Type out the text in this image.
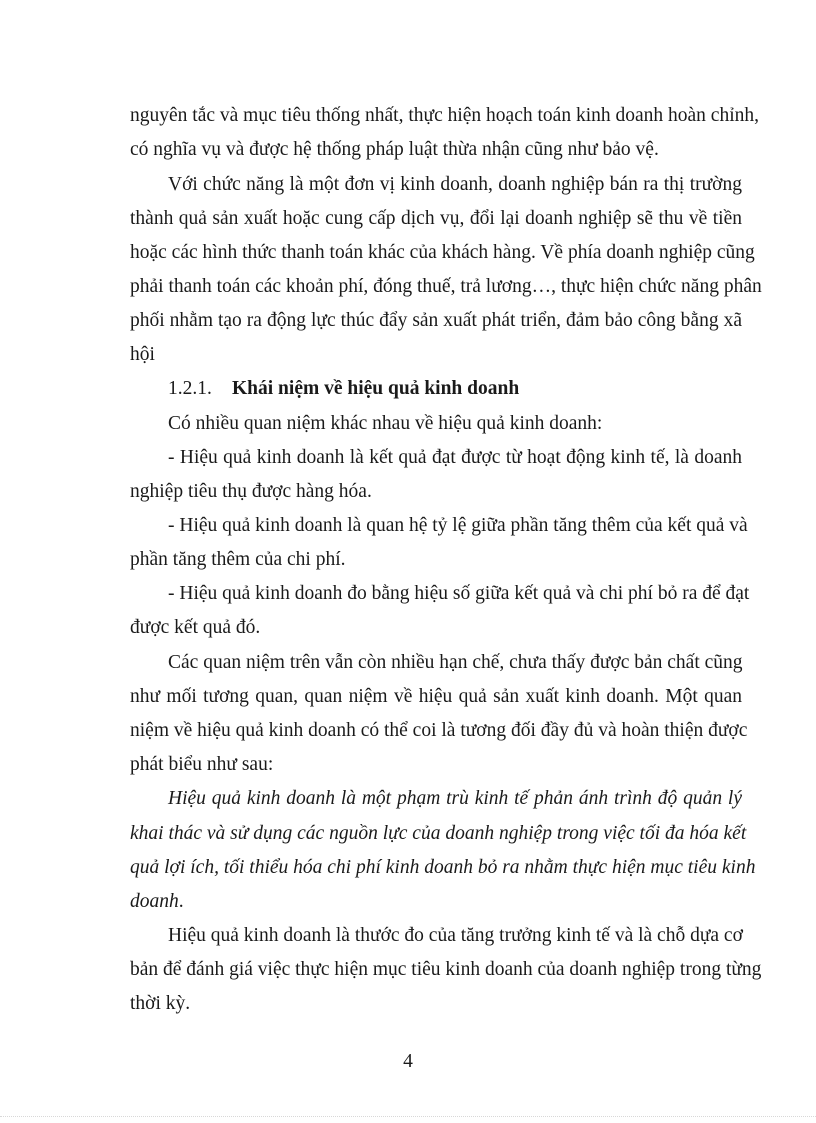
nguyên tắc và mục tiêu thống nhất, thực hiện hoạch toán kinh doanh hoàn chỉnh,
có nghĩa vụ và được hệ thống pháp luật thừa nhận cũng như bảo vệ.
Với chức năng là một đơn vị kinh doanh, doanh nghiệp bán ra thị trường
thành quả sản xuất hoặc cung cấp dịch vụ, đổi lại doanh nghiệp sẽ thu về tiền
hoặc các hình thức thanh toán khác của khách hàng. Về phía doanh nghiệp cũng
phải thanh toán các khoản phí, đóng thuế, trả lương…, thực hiện chức năng phân
phối nhằm tạo ra động lực thúc đẩy sản xuất phát triển, đảm bảo công bằng xã
hội
1.2.1. Khái niệm về hiệu quả kinh doanh
Có nhiều quan niệm khác nhau về hiệu quả kinh doanh:
- Hiệu quả kinh doanh là kết quả đạt được từ hoạt động kinh tế, là doanh
nghiệp tiêu thụ được hàng hóa.
- Hiệu quả kinh doanh là quan hệ tỷ lệ giữa phần tăng thêm của kết quả và
phần tăng thêm của chi phí.
- Hiệu quả kinh doanh đo bằng hiệu số giữa kết quả và chi phí bỏ ra để đạt
được kết quả đó.
Các quan niệm trên vẫn còn nhiều hạn chế, chưa thấy được bản chất cũng
như mối tương quan, quan niệm về hiệu quả sản xuất kinh doanh. Một quan
niệm về hiệu quả kinh doanh có thể coi là tương đối đầy đủ và hoàn thiện được
phát biểu như sau:
Hiệu quả kinh doanh là một phạm trù kinh tế phản ánh trình độ quản lý
khai thác và sử dụng các nguồn lực của doanh nghiệp trong việc tối đa hóa kết
quả lợi ích, tối thiểu hóa chi phí kinh doanh bỏ ra nhằm thực hiện mục tiêu kinh
doanh.
Hiệu quả kinh doanh là thước đo của tăng trưởng kinh tế và là chỗ dựa cơ
bản để đánh giá việc thực hiện mục tiêu kinh doanh của doanh nghiệp trong từng
thời kỳ.
4
